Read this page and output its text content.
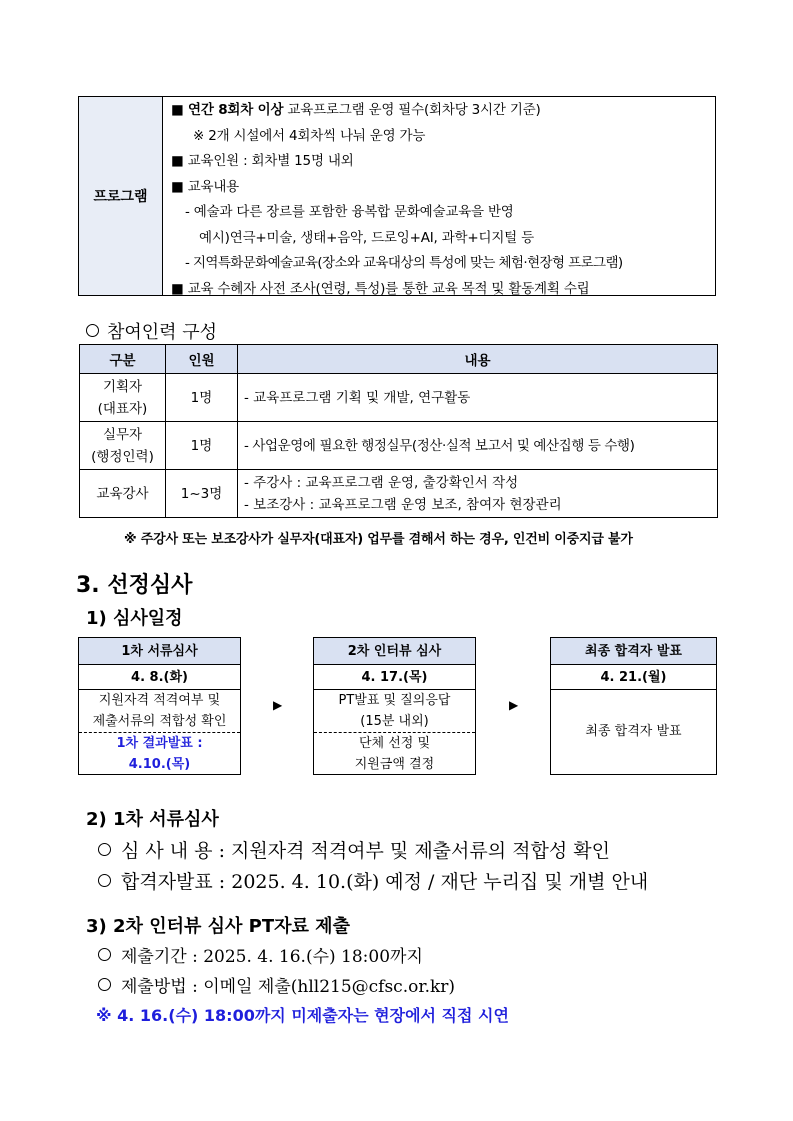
프로그램
■ 연간 8회차 이상 교육프로그램 운영 필수(회차당 3시간 기준)
※ 2개 시설에서 4회차씩 나눠 운영 가능
■ 교육인원 : 회차별 15명 내외
■ 교육내용
- 예술과 다른 장르를 포함한 융복합 문화예술교육을 반영
예시)연극+미술, 생태+음악, 드로잉+AI, 과학+디지털 등
- 지역특화문화예술교육(장소와 교육대상의 특성에 맞는 체험·현장형 프로그램)
■ 교육 수혜자 사전 조사(연령, 특성)를 통한 교육 목적 및 활동계획 수립
참여인력 구성
구분	인원	내용

기획자
(대표자)	1명	- 교육프로그램 기획 및 개발, 연구활동

실무자
(행정인력)	1명	- 사업운영에 필요한 행정실무(정산·실적 보고서 및 예산집행 등 수행)
교육강사	1~3명	- 주강사 : 교육프로그램 운영, 출강확인서 작성
- 보조강사 : 교육프로그램 운영 보조, 참여자 현장관리
※ 주강사 또는 보조강사가 실무자(대표자) 업무를 겸해서 하는 경우, 인건비 이중지급 불가
3. 선정심사
1) 심사일정
1차 서류심사
4. 8.(화)
지원자격 적격여부 및
제출서류의 적합성 확인
1차 결과발표 :
4.10.(목)
▶
2차 인터뷰 심사
4. 17.(목)
PT발표 및 질의응답
(15분 내외)
단체 선정 및
지원금액 결정
▶
최종 합격자 발표
4. 21.(월)
최종 합격자 발표
2) 1차 서류심사
심 사 내 용 : 지원자격 적격여부 및 제출서류의 적합성 확인
합격자발표 : 2025. 4. 10.(화) 예정 / 재단 누리집 및 개별 안내
3) 2차 인터뷰 심사 PT자료 제출
제출기간 : 2025. 4. 16.(수) 18:00까지
제출방법 : 이메일 제출(hll215@cfsc.or.kr)
※ 4. 16.(수) 18:00까지 미제출자는 현장에서 직접 시연
